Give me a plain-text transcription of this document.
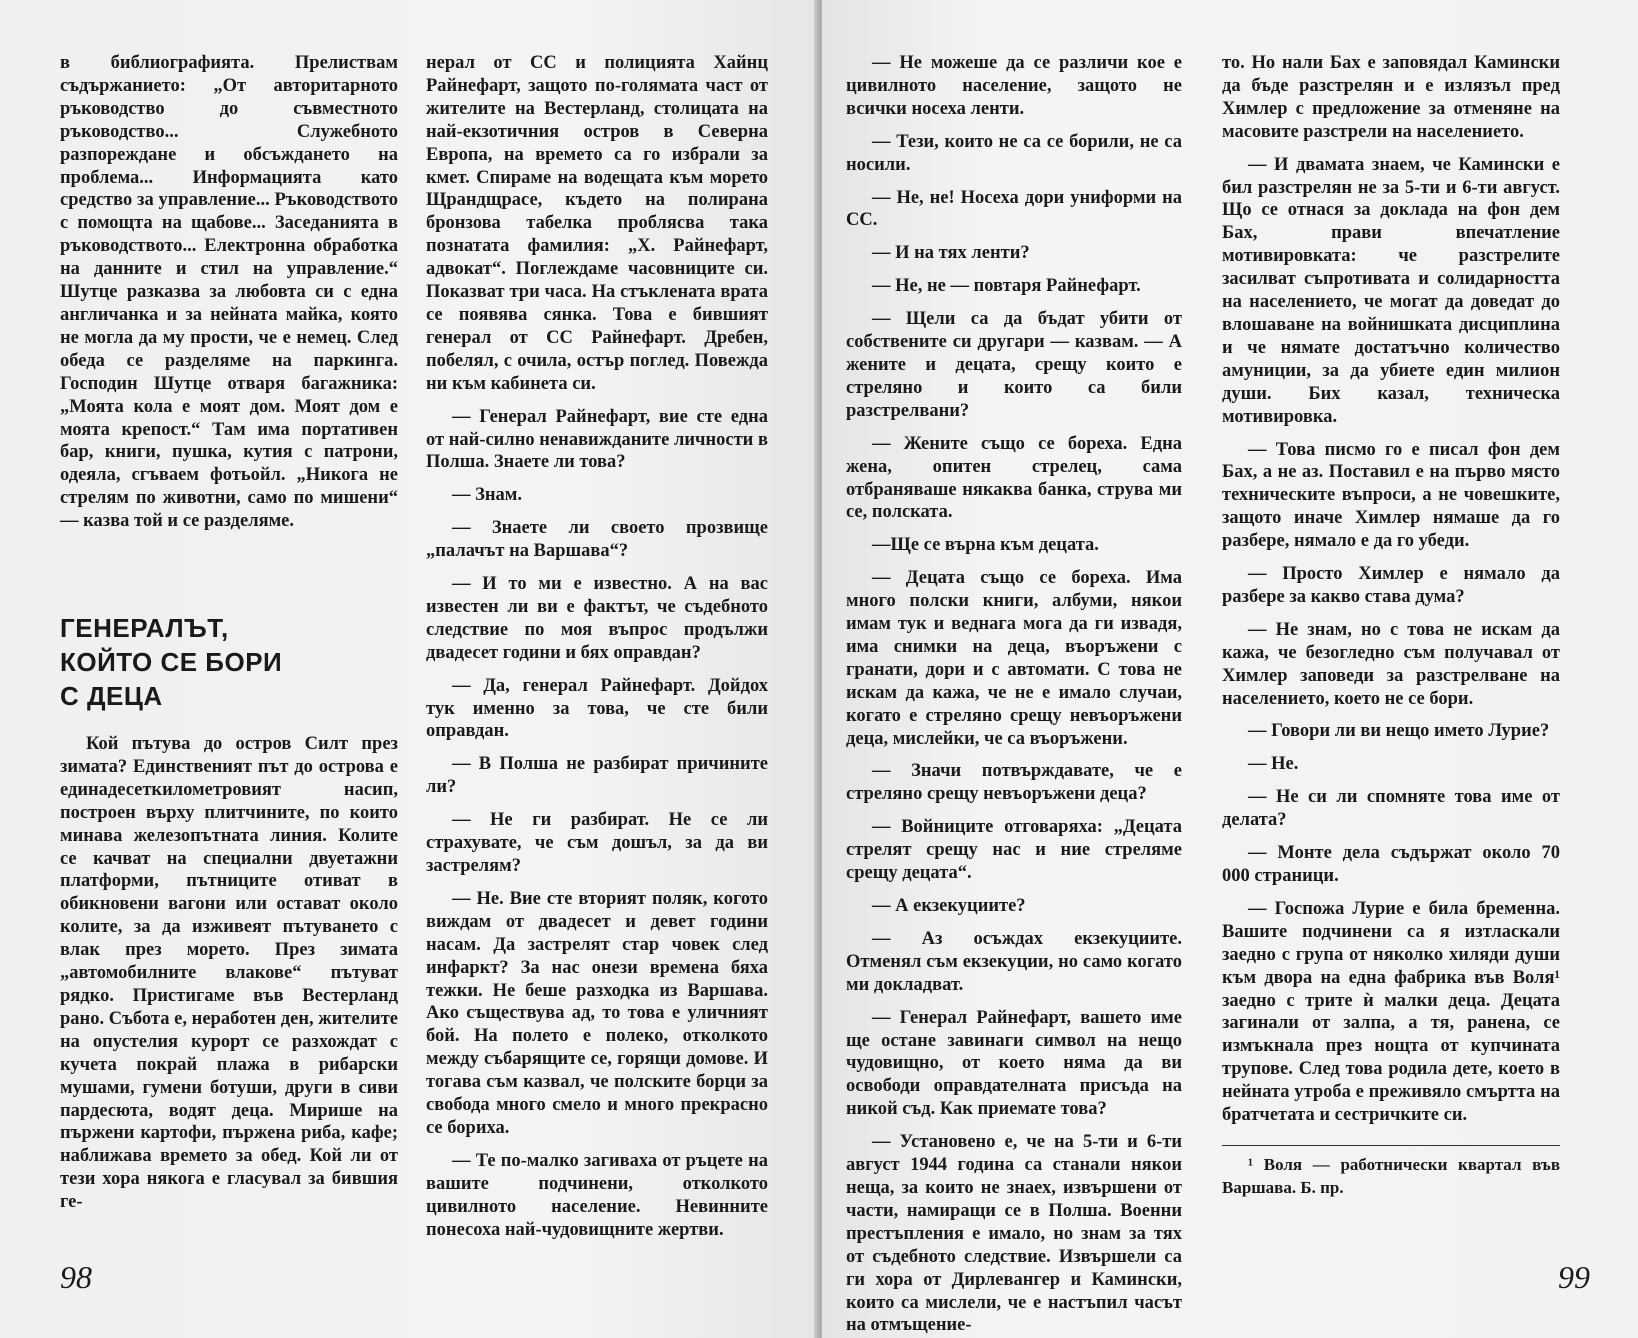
в библиографията. Прелиствам съдържанието: „От авторитарното ръководство до съвместното ръководство... Служебното разпореждане и обсъждането на проблема... Информацията като средство за управление... Ръководството с помощта на щабове... Заседанията в ръководството... Електронна обработка на данните и стил на управление.“ Шутце разказва за любовта си с една англичанка и за нейната майка, която не могла да му прости, че е немец. След обеда се разделяме на паркинга. Господин Шутце отваря багажника: „Моята кола е моят дом. Моят дом е моята крепост.“ Там има портативен бар, книги, пушка, кутия с патрони, одеяла, сгъваем фотьойл. „Никога не стрелям по животни, само по мишени“ — казва той и се разделяме.

ГЕНЕРАЛЪТ,
КОЙТО СЕ БОРИ
С ДЕЦА

Кой пътува до остров Силт през зимата? Единственият път до острова е единадесеткилометровият насип, построен върху плитчините, по които минава железопътната линия. Колите се качват на специални двуетажни платформи, пътниците отиват в обикновени вагони или остават около колите, за да изживеят пътуването с влак през морето. През зимата „автомобилните влакове“ пътуват рядко. Пристигаме във Вестерланд рано. Събота е, неработен ден, жителите на опустелия курорт се разхождат с кучета покрай плажа в рибарски мушами, гумени ботуши, други в сиви пардесюта, водят деца. Мирише на пържени картофи, пържена риба, кафе; наближава времето за обед. Кой ли от тези хора някога е гласувал за бившия ге-

нерал от СС и полицията Хайнц Райнефарт, защото по-голямата част от жителите на Вестерланд, столицата на най-екзотичния остров в Северна Европа, на времето са го избрали за кмет. Спираме на водещата към морето Щрандщрасе, където на полирана бронзова табелка проблясва така познатата фамилия: „Х. Райнефарт, адвокат“. Поглеждаме часовниците си. Показват три часа. На стъклената врата се появява сянка. Това е бившият генерал от СС Райнефарт. Дребен, побелял, с очила, остър поглед. Повежда ни към кабинета си.

— Генерал Райнефарт, вие сте една от най-силно ненавижданите личности в Полша. Знаете ли това?

— Знам.

— Знаете ли своето прозвище „палачът на Варшава“?

— И то ми е известно. А на вас известен ли ви е фактът, че съдебното следствие по моя въпрос продължи двадесет години и бях оправдан?

— Да, генерал Райнефарт. Дойдох тук именно за това, че сте били оправдан.

— В Полша не разбират причините ли?

— Не ги разбират. Не се ли страхувате, че съм дошъл, за да ви застрелям?

— Не. Вие сте вторият поляк, когото виждам от двадесет и девет години насам. Да застрелят стар човек след инфаркт? За нас онези времена бяха тежки. Не беше разходка из Варшава. Ако съществува ад, то това е уличният бой. На полето е полеко, отколкото между събарящите се, горящи домове. И тогава съм казвал, че полските борци за свобода много смело и много прекрасно се бориха.

— Те по-малко загиваха от ръцете на вашите подчинени, отколкото цивилното население. Невинните понесоха най-чудовищните жертви.

98

— Не можеше да се различи кое е цивилното население, защото не всички носеха ленти.

— Тези, които не са се борили, не са носили.

— Не, не! Носеха дори униформи на СС.

— И на тях ленти?

— Не, не — повтаря Райнефарт.

— Щели са да бъдат убити от собствените си другари — казвам. — А жените и децата, срещу които е стреляно и които са били разстрелвани?

— Жените също се бореха. Една жена, опитен стрелец, сама отбраняваше някаква банка, струва ми се, полската.

—Ще се върна към децата.

— Децата също се бореха. Има много полски книги, албуми, някои имам тук и веднага мога да ги извадя, има снимки на деца, въоръжени с гранати, дори и с автомати. С това не искам да кажа, че не е имало случаи, когато е стреляно срещу невъоръжени деца, мислейки, че са въоръжени.

— Значи потвърждавате, че е стреляно срещу невъоръжени деца?

— Войниците отговаряха: „Децата стрелят срещу нас и ние стреляме срещу децата“.

— А екзекуциите?

— Аз осъждах екзекуциите. Отменял съм екзекуции, но само когато ми докладват.

— Генерал Райнефарт, вашето име ще остане завинаги символ на нещо чудовищно, от което няма да ви освободи оправдателната присъда на никой съд. Как приемате това?

— Установено е, че на 5-ти и 6-ти август 1944 година са станали някои неща, за които не знаех, извършени от части, намиращи се в Полша. Военни престъпления е имало, но знам за тях от съдебното следствие. Извършели са ги хора от Дирлевангер и Камински, които са мислели, че е настъпил часът на отмъщение-

то. Но нали Бах е заповядал Камински да бъде разстрелян и е излязъл пред Химлер с предложение за отменяне на масовите разстрели на населението.

— И двамата знаем, че Камински е бил разстрелян не за 5-ти и 6-ти август. Що се отнася за доклада на фон дем Бах, прави впечатление мотивировката: че разстрелите засилват съпротивата и солидарността на населението, че могат да доведат до влошаване на войнишката дисциплина и че нямате достатъчно количество амуниции, за да убиете един милион души. Бих казал, техническа мотивировка.

— Това писмо го е писал фон дем Бах, а не аз. Поставил е на първо място техническите въпроси, а не човешките, защото иначе Химлер нямаше да го разбере, нямало е да го убеди.

— Просто Химлер е нямало да разбере за какво става дума?

— Не знам, но с това не искам да кажа, че безогледно съм получавал от Химлер заповеди за разстрелване на населението, което не се бори.

— Говори ли ви нещо името Лурие?

— Не.

— Не си ли спомняте това име от делата?

— Монте дела съдържат около 70 000 страници.

— Госпожа Лурие е била бременна. Вашите подчинени са я изтласкали заедно с група от няколко хиляди души към двора на една фабрика във Воля¹ заедно с трите ѝ малки деца. Децата загинали от залпа, а тя, ранена, се измъкнала през нощта от купчината трупове. След това родила дете, което в нейната утроба е преживяло смъртта на братчетата и сестричките си.

¹ Воля — работнически квартал във Варшава. Б. пр.

99
